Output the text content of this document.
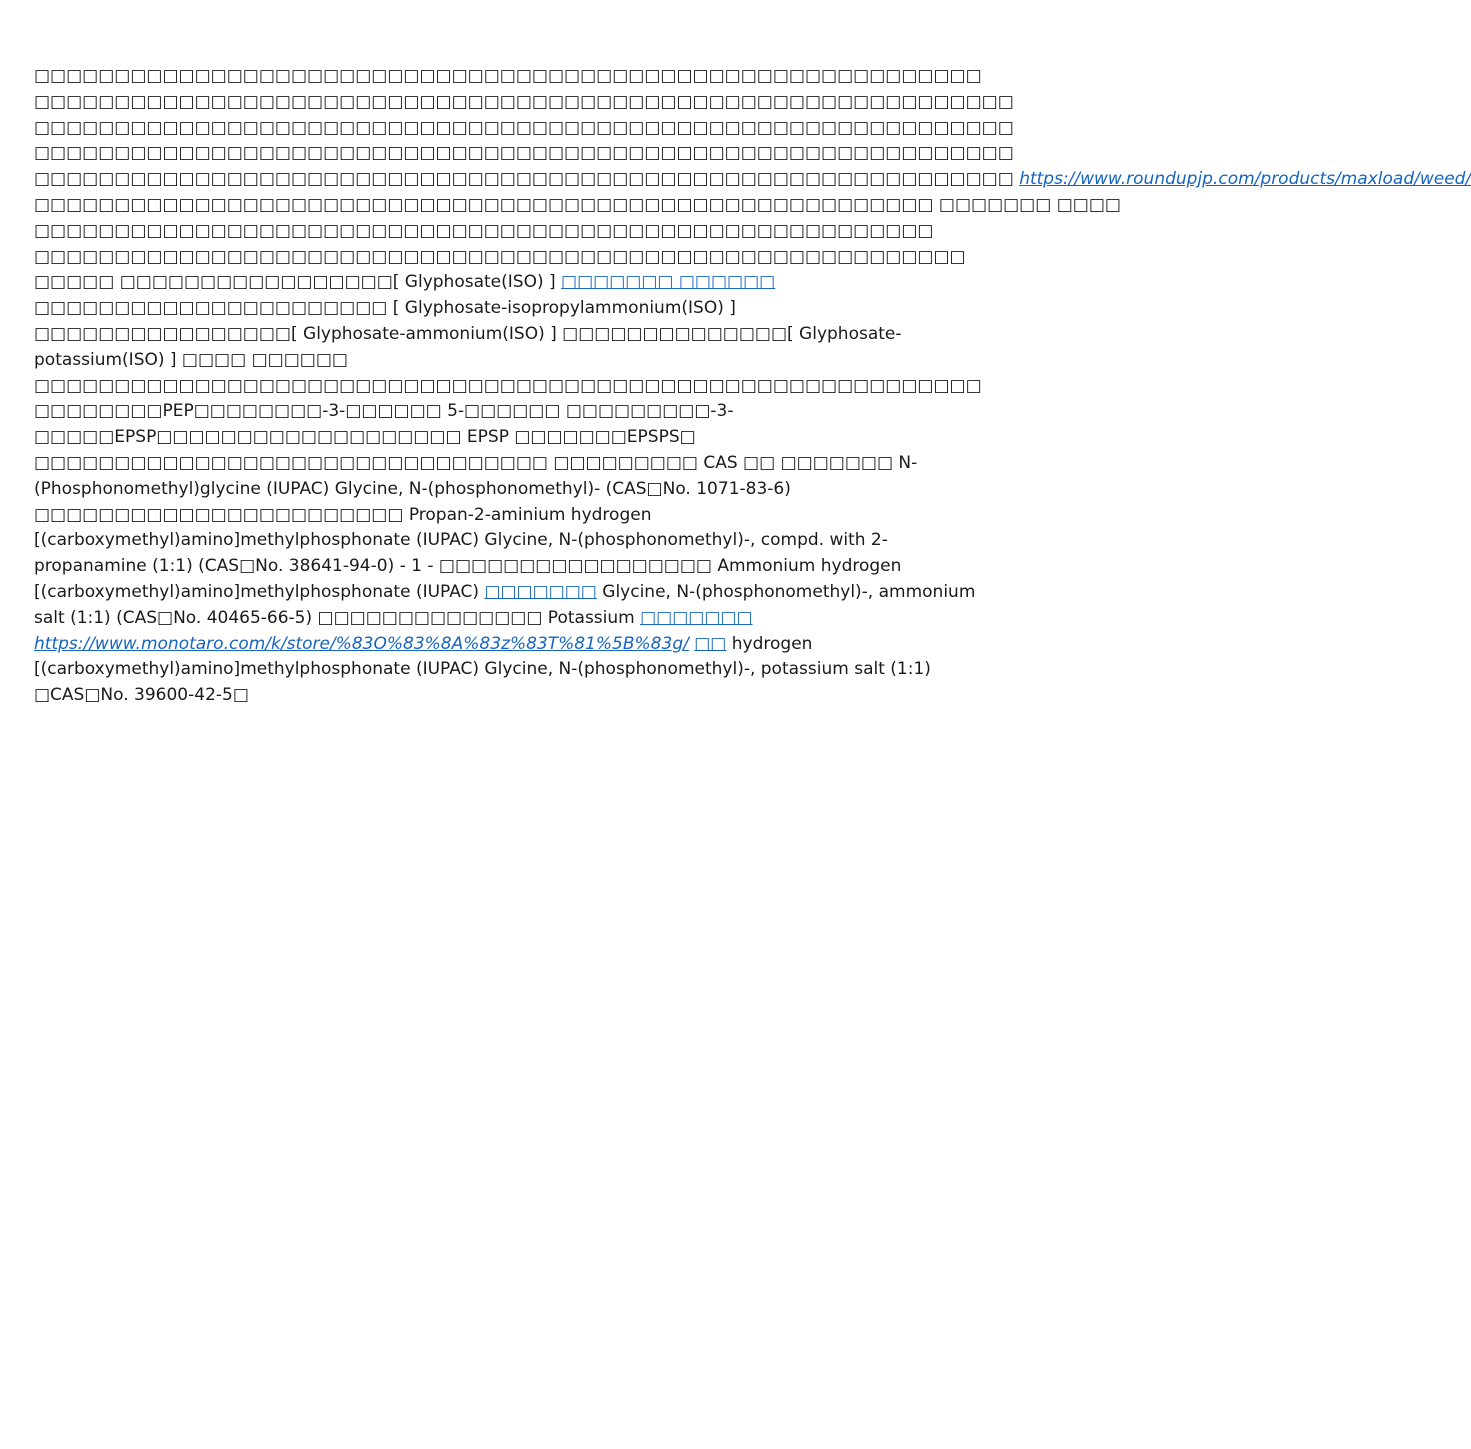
□□□□□□□□□□□□□□□□□□□□□□□□□□□□□□□□□□□□□□□□□□□□□□□□□□□□□□□□□□□
□□□□□□□□□□□□□□□□□□□□□□□□□□□□□□□□□□□□□□□□□□□□□□□□□□□□□□□□□□□□□
□□□□□□□□□□□□□□□□□□□□□□□□□□□□□□□□□□□□□□□□□□□□□□□□□□□□□□□□□□□□□
□□□□□□□□□□□□□□□□□□□□□□□□□□□□□□□□□□□□□□□□□□□□□□□□□□□□□□□□□□□□□
□□□□□□□□□□□□□□□□□□□□□□□□□□□□□□□□□□□□□□□□□□□□□□□□□□□□□□□□□□□□□ https://www.roundupjp.com/products/maxload/weed/
□□□□□□□□□□□□□□□□□□□□□□□□□□□□□□□□□□□□□□□□□□□□□□□□□□□□□□□□ □□□□□□□ □□□□
□□□□□□□□□□□□□□□□□□□□□□□□□□□□□□□□□□□□□□□□□□□□□□□□□□□□□□□□ □□□□□□□□□□□□□□□□□□□□□□□□□□□□□□□□□□□□□□□□□□□□□□□□□□□□□□□□□□ □□□□□ □□□□□□□□□□□□□□□□□[ Glyphosate(ISO) ] □□□□□□□ □□□□□□ □□□□□□□□□□□□□□□□□□□□□□ [ Glyphosate-isopropylammonium(ISO) ] □□□□□□□□□□□□□□□□[ Glyphosate-ammonium(ISO) ] □□□□□□□□□□□□□□[ Glyphosate-potassium(ISO) ] □□□□ □□□□□□ □□□□□□□□□□□□□□□□□□□□□□□□□□□□□□□□□□□□□□□□□□□□□□□□□□□□□□□□□□□□□□□□□□□PEP□□□□□□□□-3-□□□□□□ 5-□□□□□□ □□□□□□□□□-3-□□□□□EPSP□□□□□□□□□□□□□□□□□□□ EPSP □□□□□□□EPSPS□ □□□□□□□□□□□□□□□□□□□□□□□□□□□□□□□□ □□□□□□□□□ CAS □□ □□□□□□□ N-(Phosphonomethyl)glycine (IUPAC) Glycine, N-(phosphonomethyl)- (CAS□No. 1071-83-6) □□□□□□□□□□□□□□□□□□□□□□□ Propan-2-aminium hydrogen [(carboxymethyl)amino]methylphosphonate (IUPAC) Glycine, N-(phosphonomethyl)-, compd. with 2-propanamine (1:1) (CAS□No. 38641-94-0) - 1 - □□□□□□□□□□□□□□□□□ Ammonium hydrogen [(carboxymethyl)amino]methylphosphonate (IUPAC) □□□□□□□ Glycine, N-(phosphonomethyl)-, ammonium salt (1:1) (CAS□No. 40465-66-5) □□□□□□□□□□□□□□ Potassium □□□□□□□ https://www.monotaro.com/k/store/%83O%83%8A%83z%83T%81%5B%83g/ □□ hydrogen [(carboxymethyl)amino]methylphosphonate (IUPAC) Glycine, N-(phosphonomethyl)-, potassium salt (1:1) □CAS□No. 39600-42-5□
